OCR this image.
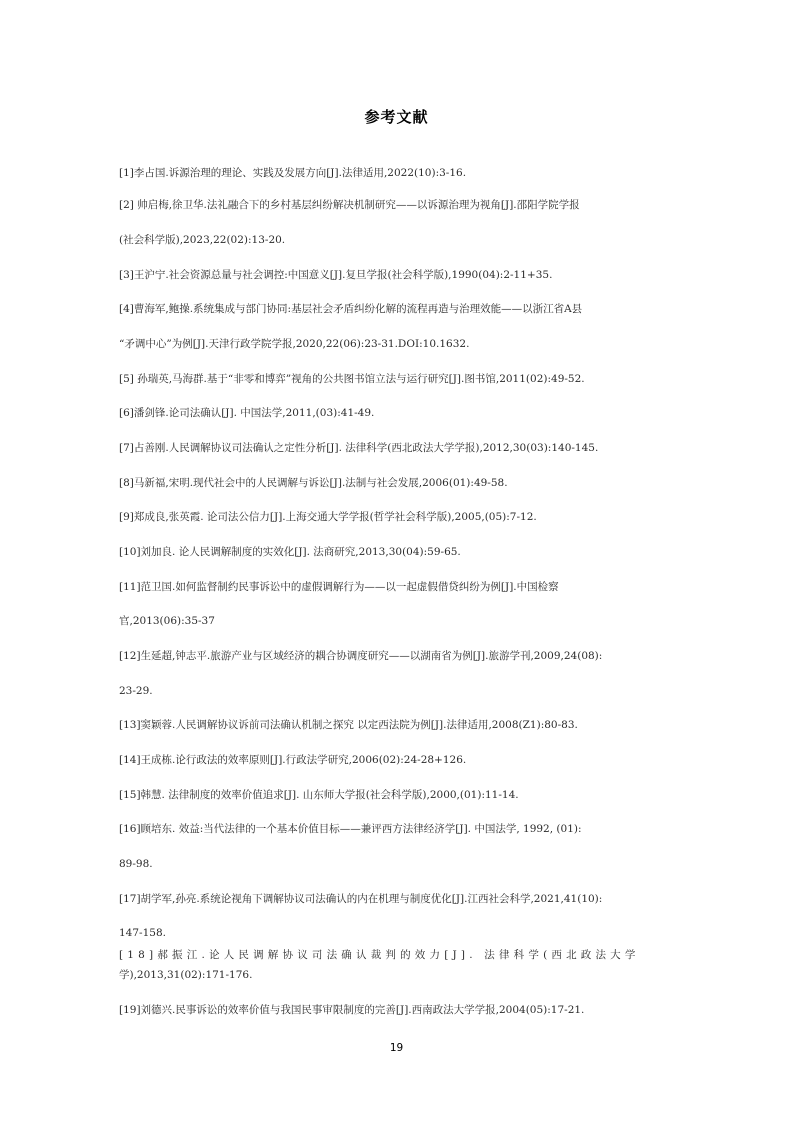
参考文献
[1]李占国.诉源治理的理论、实践及发展方向[J].法律适用,2022(10):3-16.
[2] 帅启梅,徐卫华.法礼融合下的乡村基层纠纷解决机制研究——以诉源治理为视角[J].邵阳学院学报
(社会科学版),2023,22(02):13-20.
[3]王沪宁.社会资源总量与社会调控:中国意义[J].复旦学报(社会科学版),1990(04):2-11+35.
[4]曹海军,鲍操.系统集成与部门协同:基层社会矛盾纠纷化解的流程再造与治理效能——以浙江省A县
“矛调中心”为例[J].天津行政学院学报,2020,22(06):23-31.DOI:10.1632.
[5] 孙瑞英,马海群.基于“非零和博弈”视角的公共图书馆立法与运行研究[J].图书馆,2011(02):49-52.
[6]潘剑锋.论司法确认[J]. 中国法学,2011,(03):41-49.
[7]占善刚.人民调解协议司法确认之定性分析[J]. 法律科学(西北政法大学学报),2012,30(03):140-145.
[8]马新福,宋明.现代社会中的人民调解与诉讼[J].法制与社会发展,2006(01):49-58.
[9]郑成良,张英霞. 论司法公信力[J].上海交通大学学报(哲学社会科学版),2005,(05):7-12.
[10]刘加良. 论人民调解制度的实效化[J]. 法商研究,2013,30(04):59-65.
[11]范卫国.如何监督制约民事诉讼中的虚假调解行为——以一起虚假借贷纠纷为例[J].中国检察
官,2013(06):35-37
[12]生延超,钟志平.旅游产业与区域经济的耦合协调度研究——以湖南省为例[J].旅游学刊,2009,24(08):
23-29.
[13]窦颖蓉.人民调解协议诉前司法确认机制之探究 以定西法院为例[J].法律适用,2008(Z1):80-83.
[14]王成栋.论行政法的效率原则[J].行政法学研究,2006(02):24-28+126.
[15]韩慧. 法律制度的效率价值追求[J]. 山东师大学报(社会科学版),2000,(01):11-14.
[16]顾培东. 效益:当代法律的一个基本价值目标——兼评西方法律经济学[J]. 中国法学, 1992, (01):
89-98.
[17]胡学军,孙亮.系统论视角下调解协议司法确认的内在机理与制度优化[J].江西社会科学,2021,41(10):
147-158.
[18]郝振江.论人民调解协议司法确认裁判的效力[J]. 法律科学(西北政法大学
学),2013,31(02):171-176.
[19]刘德兴.民事诉讼的效率价值与我国民事审限制度的完善[J].西南政法大学学报,2004(05):17-21.
19
